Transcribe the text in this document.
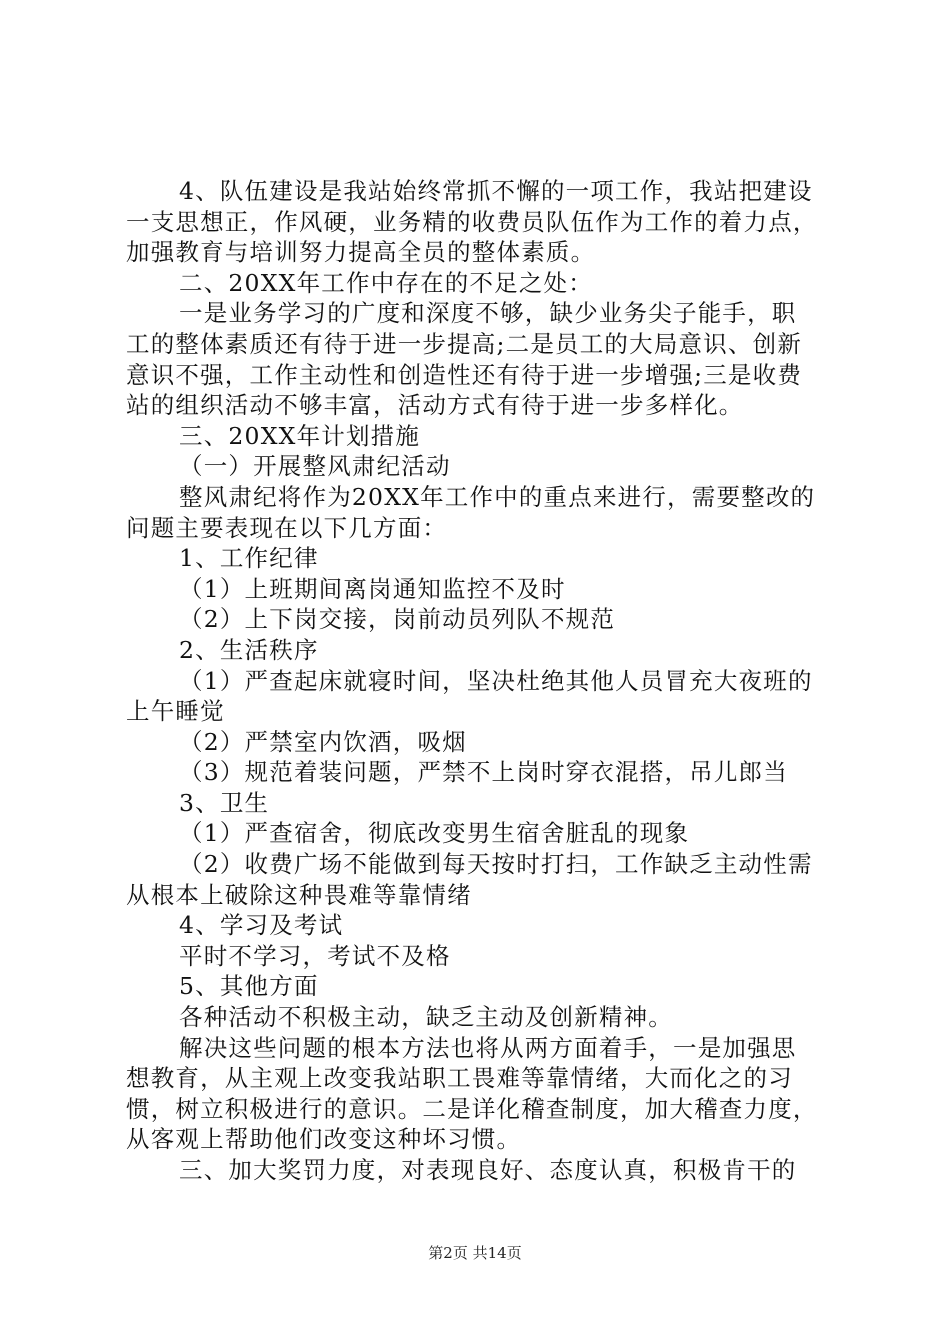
4、队伍建设是我站始终常抓不懈的一项工作，我站把建设
一支思想正，作风硬，业务精的收费员队伍作为工作的着力点，
加强教育与培训努力提高全员的整体素质。
二、20XX年工作中存在的不足之处：
一是业务学习的广度和深度不够，缺少业务尖子能手，职
工的整体素质还有待于进一步提高;二是员工的大局意识、创新
意识不强，工作主动性和创造性还有待于进一步增强;三是收费
站的组织活动不够丰富，活动方式有待于进一步多样化。
三、20XX年计划措施
（一）开展整风肃纪活动
整风肃纪将作为20XX年工作中的重点来进行，需要整改的
问题主要表现在以下几方面：
1、工作纪律
（1）上班期间离岗通知监控不及时
（2）上下岗交接，岗前动员列队不规范
2、生活秩序
（1）严查起床就寝时间，坚决杜绝其他人员冒充大夜班的
上午睡觉
（2）严禁室内饮酒，吸烟
（3）规范着装问题，严禁不上岗时穿衣混搭，吊儿郎当
3、卫生
（1）严查宿舍，彻底改变男生宿舍脏乱的现象
（2）收费广场不能做到每天按时打扫，工作缺乏主动性需
从根本上破除这种畏难等靠情绪
4、学习及考试
平时不学习，考试不及格
5、其他方面
各种活动不积极主动，缺乏主动及创新精神。
解决这些问题的根本方法也将从两方面着手，一是加强思
想教育，从主观上改变我站职工畏难等靠情绪，大而化之的习
惯，树立积极进行的意识。二是详化稽查制度，加大稽查力度，
从客观上帮助他们改变这种坏习惯。
三、加大奖罚力度，对表现良好、态度认真，积极肯干的
第2页 共14页
